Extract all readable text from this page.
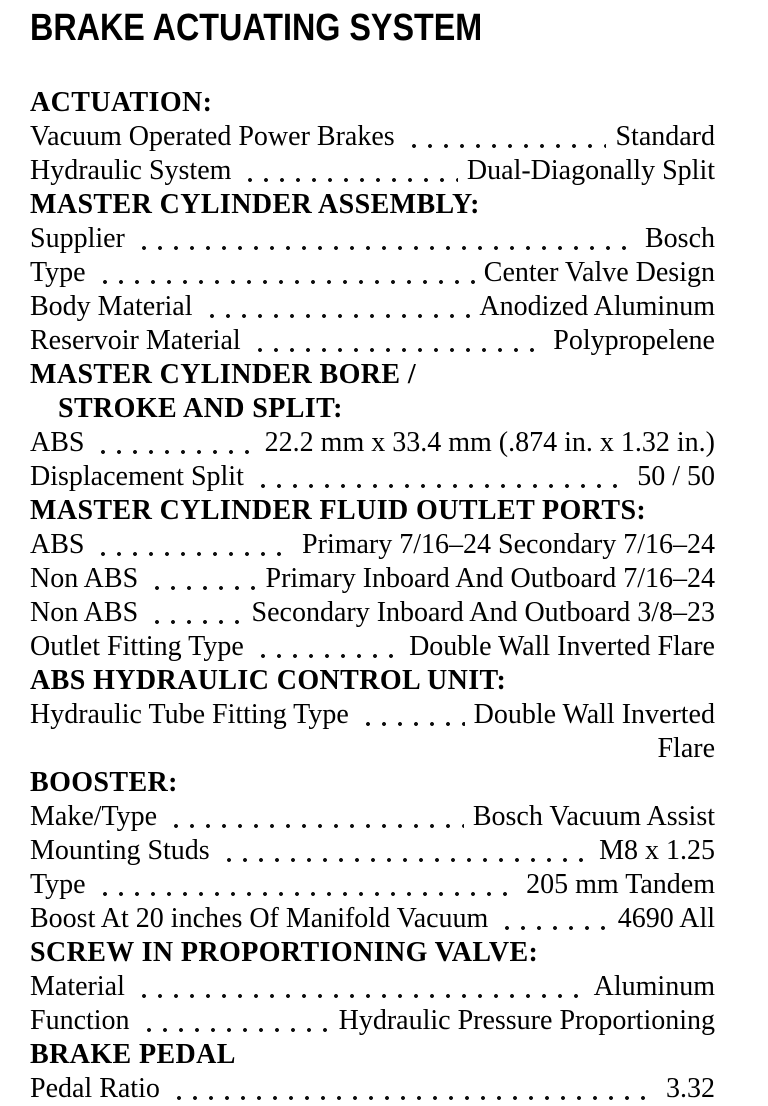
BRAKE ACTUATING SYSTEM
ACTUATION:
Vacuum Operated Power Brakes	Standard
Hydraulic System	Dual-Diagonally Split
MASTER CYLINDER ASSEMBLY:
Supplier	Bosch
Type	Center Valve Design
Body Material	Anodized Aluminum
Reservoir Material	Polypropelene
MASTER CYLINDER BORE /
STROKE AND SPLIT:
ABS	22.2 mm x 33.4 mm (.874 in. x 1.32 in.)
Displacement Split	50 / 50
MASTER CYLINDER FLUID OUTLET PORTS:
ABS	Primary 7/16–24 Secondary 7/16–24
Non ABS	Primary Inboard And Outboard 7/16–24
Non ABS	Secondary Inboard And Outboard 3/8–23
Outlet Fitting Type	Double Wall Inverted Flare
ABS HYDRAULIC CONTROL UNIT:
Hydraulic Tube Fitting Type	Double Wall Inverted
Flare
BOOSTER:
Make/Type	Bosch Vacuum Assist
Mounting Studs	M8 x 1.25
Type	205 mm Tandem
Boost At 20 inches Of Manifold Vacuum	4690 All
SCREW IN PROPORTIONING VALVE:
Material	Aluminum
Function	Hydraulic Pressure Proportioning
BRAKE PEDAL
Pedal Ratio	3.32
